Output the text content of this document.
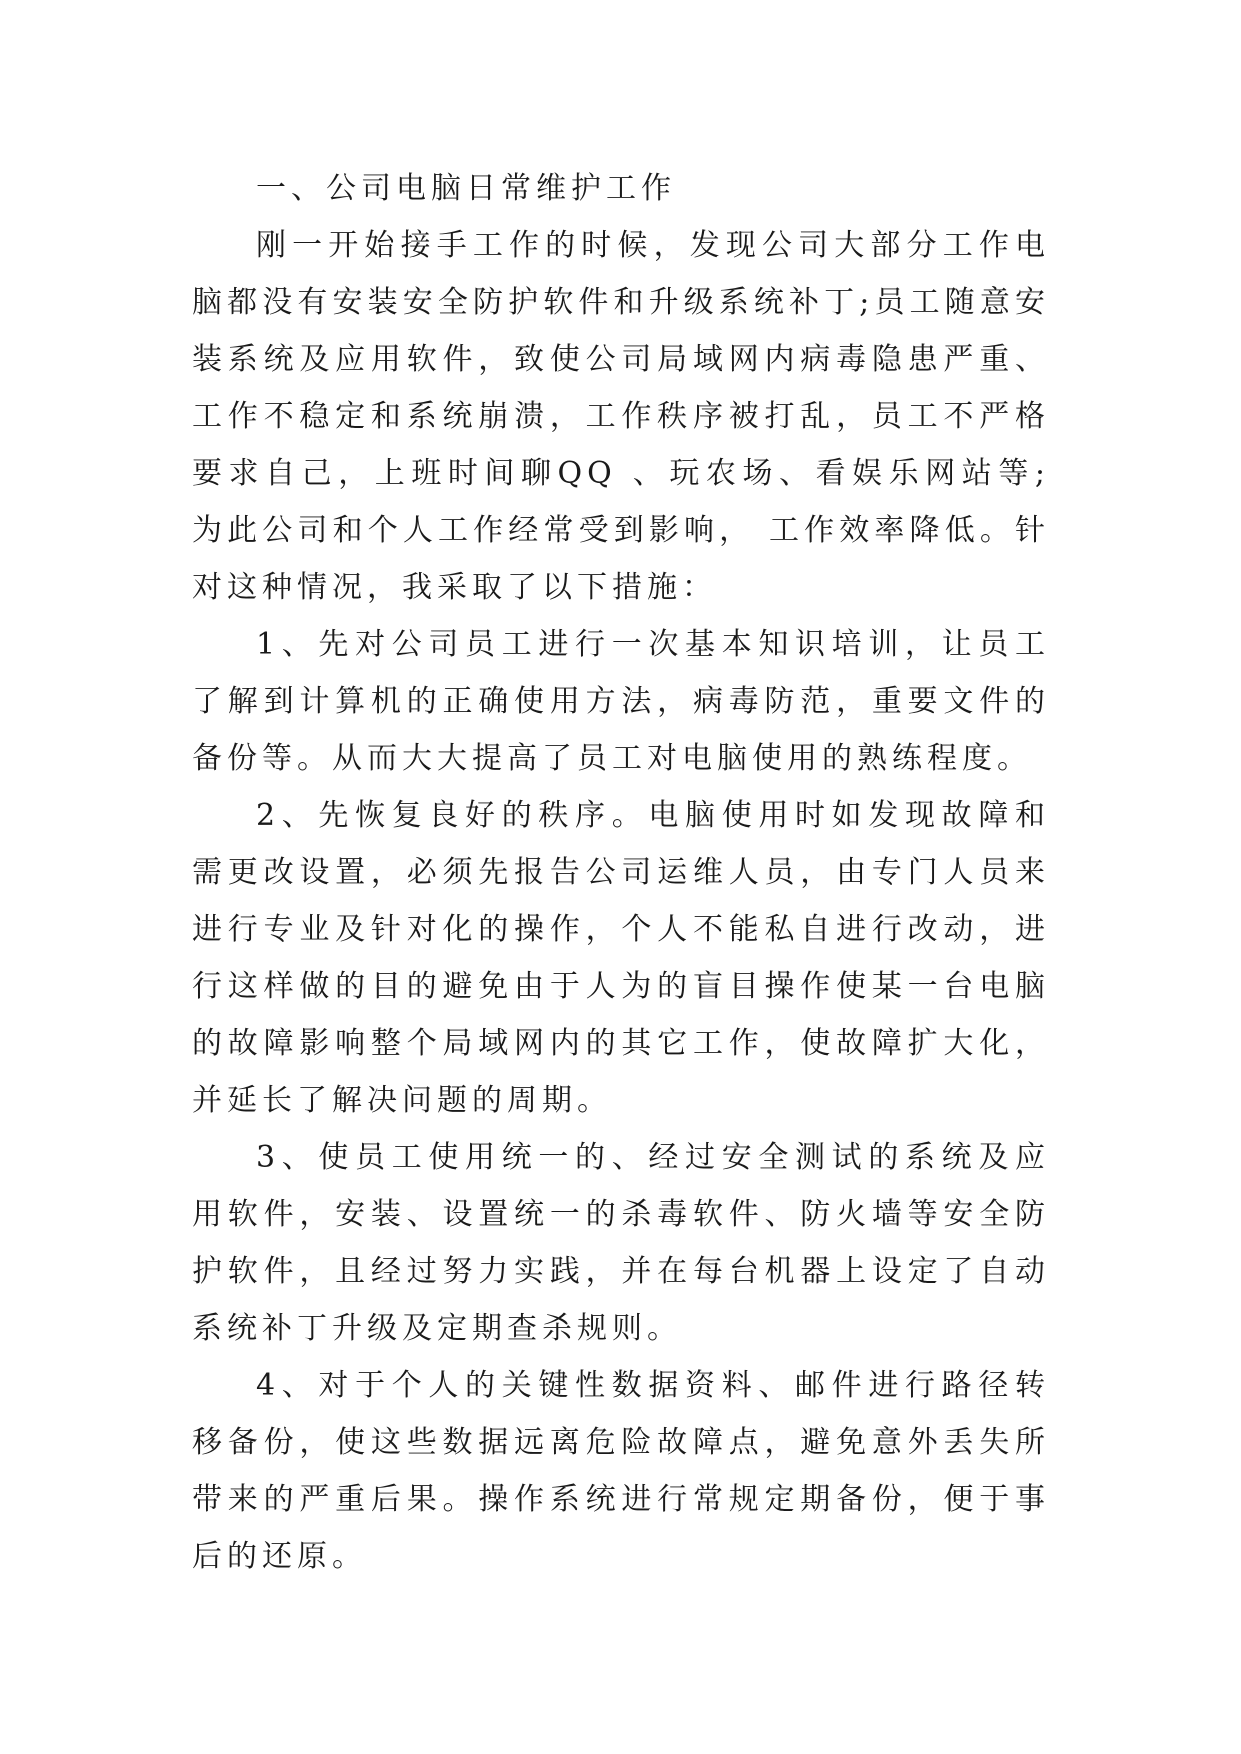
一、公司电脑日常维护工作

刚一开始接手工作的时候，发现公司大部分工作电脑都没有安装安全防护软件和升级系统补丁;员工随意安装系统及应用软件，致使公司局域网内病毒隐患严重、工作不稳定和系统崩溃，工作秩序被打乱，员工不严格要求自己，上班时间聊QQ 、玩农场、看娱乐网站等;为此公司和个人工作经常受到影响， 工作效率降低。针对这种情况，我采取了以下措施：

1、先对公司员工进行一次基本知识培训，让员工了解到计算机的正确使用方法，病毒防范，重要文件的备份等。从而大大提高了员工对电脑使用的熟练程度。

2、先恢复良好的秩序。电脑使用时如发现故障和需更改设置，必须先报告公司运维人员，由专门人员来进行专业及针对化的操作，个人不能私自进行改动，进行这样做的目的避免由于人为的盲目操作使某一台电脑的故障影响整个局域网内的其它工作，使故障扩大化，并延长了解决问题的周期。

3、使员工使用统一的、经过安全测试的系统及应用软件，安装、设置统一的杀毒软件、防火墙等安全防护软件，且经过努力实践，并在每台机器上设定了自动系统补丁升级及定期查杀规则。

4、对于个人的关键性数据资料、邮件进行路径转移备份，使这些数据远离危险故障点，避免意外丢失所带来的严重后果。操作系统进行常规定期备份，便于事后的还原。
